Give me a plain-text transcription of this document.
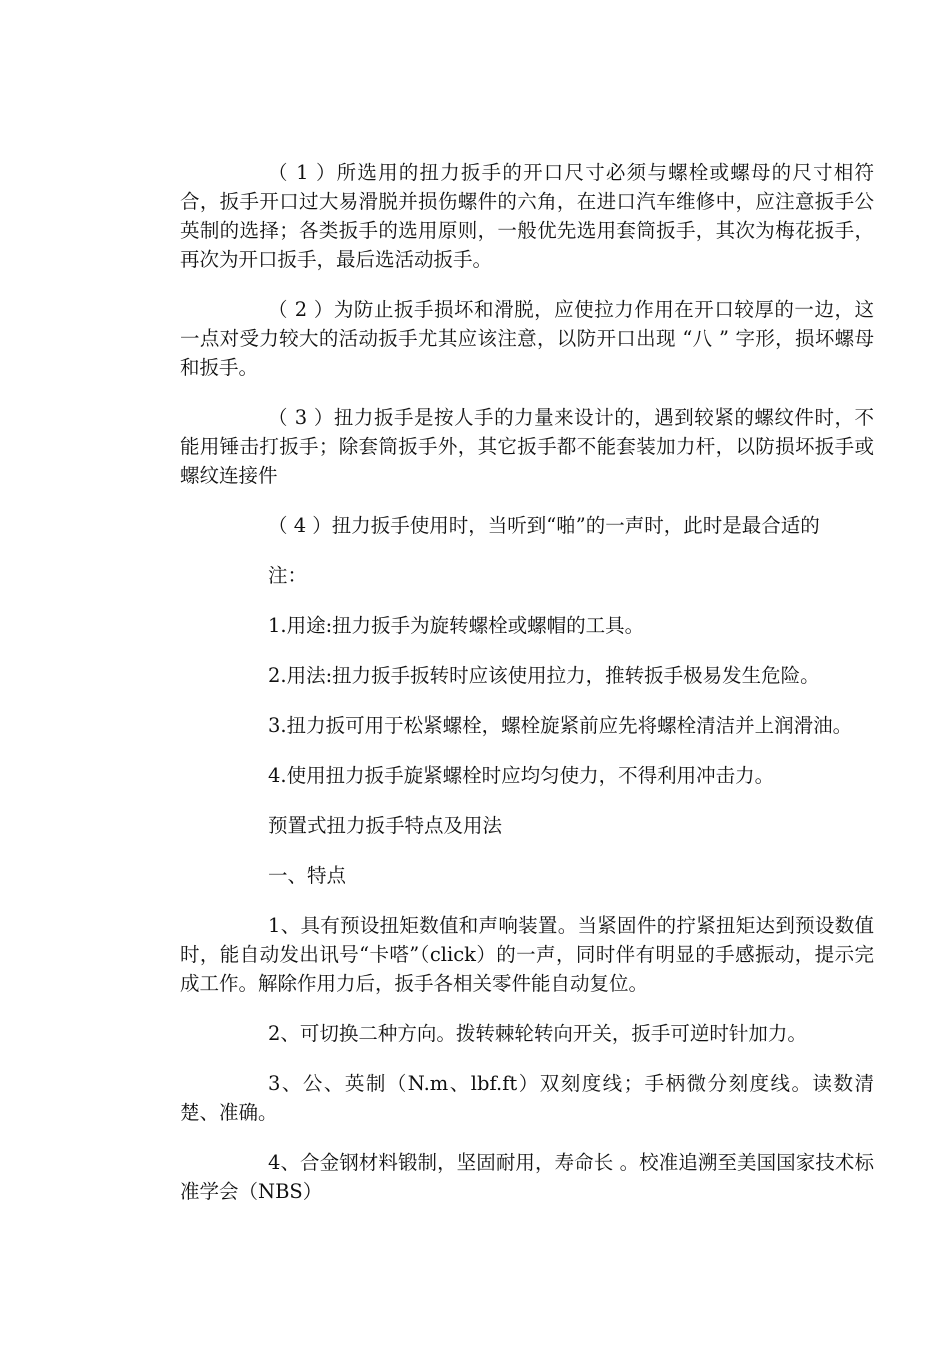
（ 1 ）所选用的扭力扳手的开口尺寸必须与螺栓或螺母的尺寸相符合，扳手开口过大易滑脱并损伤螺件的六角，在进口汽车维修中，应注意扳手公英制的选择；各类扳手的选用原则，一般优先选用套筒扳手，其次为梅花扳手，再次为开口扳手，最后选活动扳手。

（ 2 ）为防止扳手损坏和滑脱，应使拉力作用在开口较厚的一边，这一点对受力较大的活动扳手尤其应该注意，以防开口出现 “八 ” 字形，损坏螺母和扳手。

（ 3 ）扭力扳手是按人手的力量来设计的，遇到较紧的螺纹件时，不能用锤击打扳手；除套筒扳手外，其它扳手都不能套装加力杆，以防损坏扳手或螺纹连接件

（ 4 ）扭力扳手使用时，当听到“啪”的一声时，此时是最合适的

注：

1.用途:扭力扳手为旋转螺栓或螺帽的工具。

2.用法:扭力扳手扳转时应该使用拉力，推转扳手极易发生危险。

3.扭力扳可用于松紧螺栓，螺栓旋紧前应先将螺栓清洁并上润滑油。

4.使用扭力扳手旋紧螺栓时应均匀使力，不得利用冲击力。

预置式扭力扳手特点及用法

一、特点

1、具有预设扭矩数值和声响装置。当紧固件的拧紧扭矩达到预设数值时，能自动发出讯号“卡嗒”（click）的一声，同时伴有明显的手感振动，提示完成工作。解除作用力后，扳手各相关零件能自动复位。

2、可切换二种方向。拨转棘轮转向开关，扳手可逆时针加力。

3、公、英制（N.m、lbf.ft）双刻度线；手柄微分刻度线。读数清楚、准确。

4、合金钢材料锻制，坚固耐用，寿命长 。校准追溯至美国国家技术标准学会（NBS）
